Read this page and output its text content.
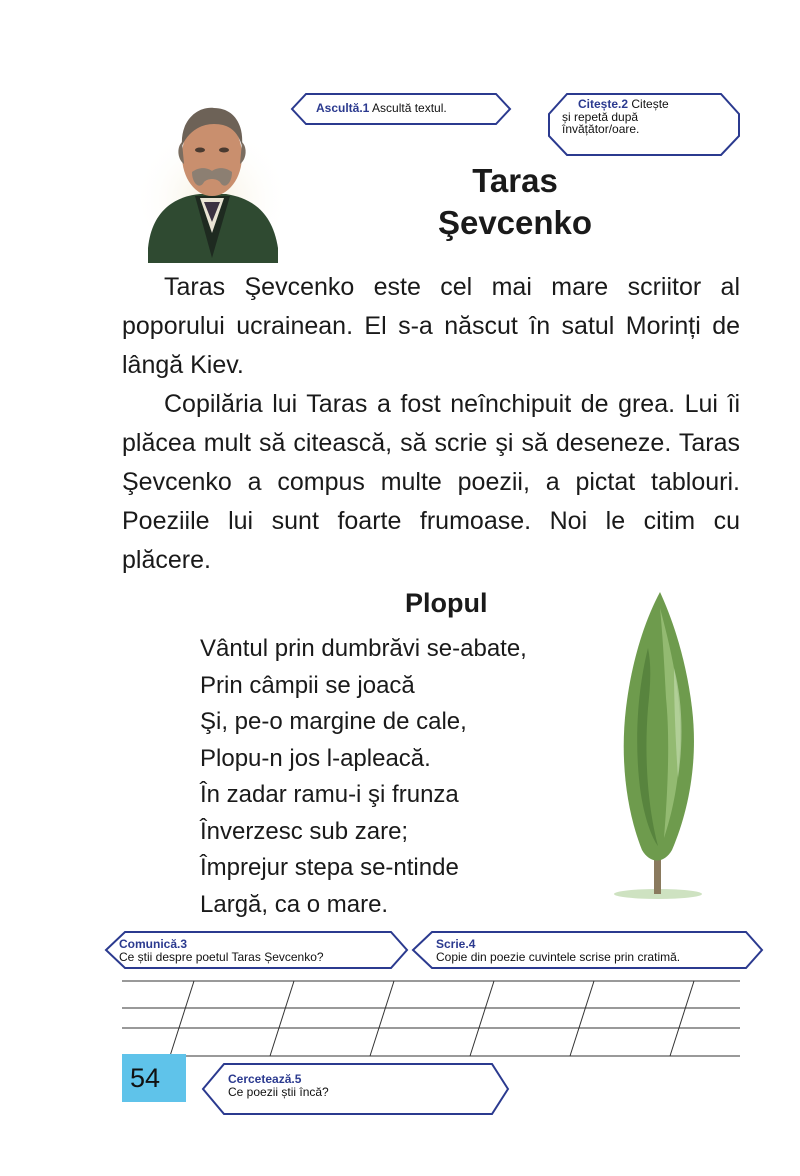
Ascultă.1 Ascultă textul.	Citește.2 Citește
și repetă după învățător/oare.
Taras
Şevcenko

Taras Şevcenko este cel mai mare scriitor al poporului ucrainean. El s-a născut în satul Morinți de lângă Kiev.

Copilăria lui Taras a fost neînchipuit de grea. Lui îi plăcea mult să citească, să scrie şi să deseneze. Taras Şevcenko a compus multe poezii, a pictat tablouri. Poeziile lui sunt foarte frumoase. Noi le citim cu plăcere.

Plopul
Vântul prin dumbrăvi se-abate,
Prin câmpii se joacă
Şi, pe-o margine de cale,
Plopu-n jos l-apleacă.
În zadar ramu-i şi frunza
Înverzesc sub zare;
Împrejur stepa se-ntinde
Largă, ca o mare.
Comunică.3
Ce știi despre poetul Taras Șevcenko?
Scrie.4
Copie din poezie cuvintele scrise prin cratimă.
54	Cercetează.5
Ce poezii știi încă?
